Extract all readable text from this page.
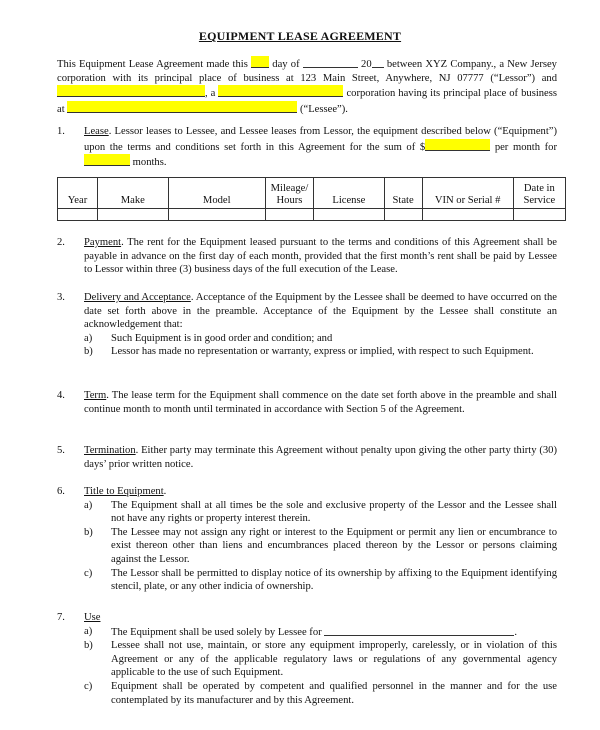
EQUIPMENT LEASE AGREEMENT
This Equipment Lease Agreement made this day of	20 between XYZ Company., a New Jersey corporation with its principal place of business at 123 Main Street, Anywhere, NJ 07777 (“Lessor”) and , a	corporation having its principal place of business at	(“Lessee”).
1.	Lease. Lessor leases to Lessee, and Lessee leases from Lessor, the equipment described below (“Equipment”) upon the terms and conditions set forth in this Agreement for the sum of $	per month for  months.
Year	Make	Model	Mileage/ Hours	License	State	VIN or Serial #	Date in Service

2.	Payment. The rent for the Equipment leased pursuant to the terms and conditions of this Agreement shall be payable in advance on the first day of each month, provided that the first month’s rent shall be paid by Lessee to Lessor within three (3) business days of the full execution of the Lease.
3.	Delivery and Acceptance. Acceptance of the Equipment by the Lessee shall be deemed to have occurred on the date set forth above in the preamble. Acceptance of the Equipment by the Lessee shall constitute an acknowledgement that:
a) Such Equipment is in good order and condition; and
b) Lessor has made no representation or warranty, express or implied, with respect to such Equipment.
4.	Term. The lease term for the Equipment shall commence on the date set forth above in the preamble and shall continue month to month until terminated in accordance with Section 5 of the Agreement.
5.	Termination. Either party may terminate this Agreement without penalty upon giving the other party thirty (30) days’ prior written notice.
6.	Title to Equipment.
a) The Equipment shall at all times be the sole and exclusive property of the Lessor and the Lessee shall not have any rights or property interest therein.
b) The Lessee may not assign any right or interest to the Equipment or permit any lien or encumbrance to exist thereon other than liens and encumbrances placed thereon by the Lessor or persons claiming against the Lessor.
c) The Lessor shall be permitted to display notice of its ownership by affixing to the Equipment identifying stencil, plate, or any other indicia of ownership.
7.	Use
a) The Equipment shall be used solely by Lessee for	.
b) Lessee shall not use, maintain, or store any equipment improperly, carelessly, or in violation of this Agreement or any of the applicable regulatory laws or regulations of any governmental agency applicable to the use of such Equipment.
c) Equipment shall be operated by competent and qualified personnel in the manner and for the use contemplated by its manufacturer and by this Agreement.
